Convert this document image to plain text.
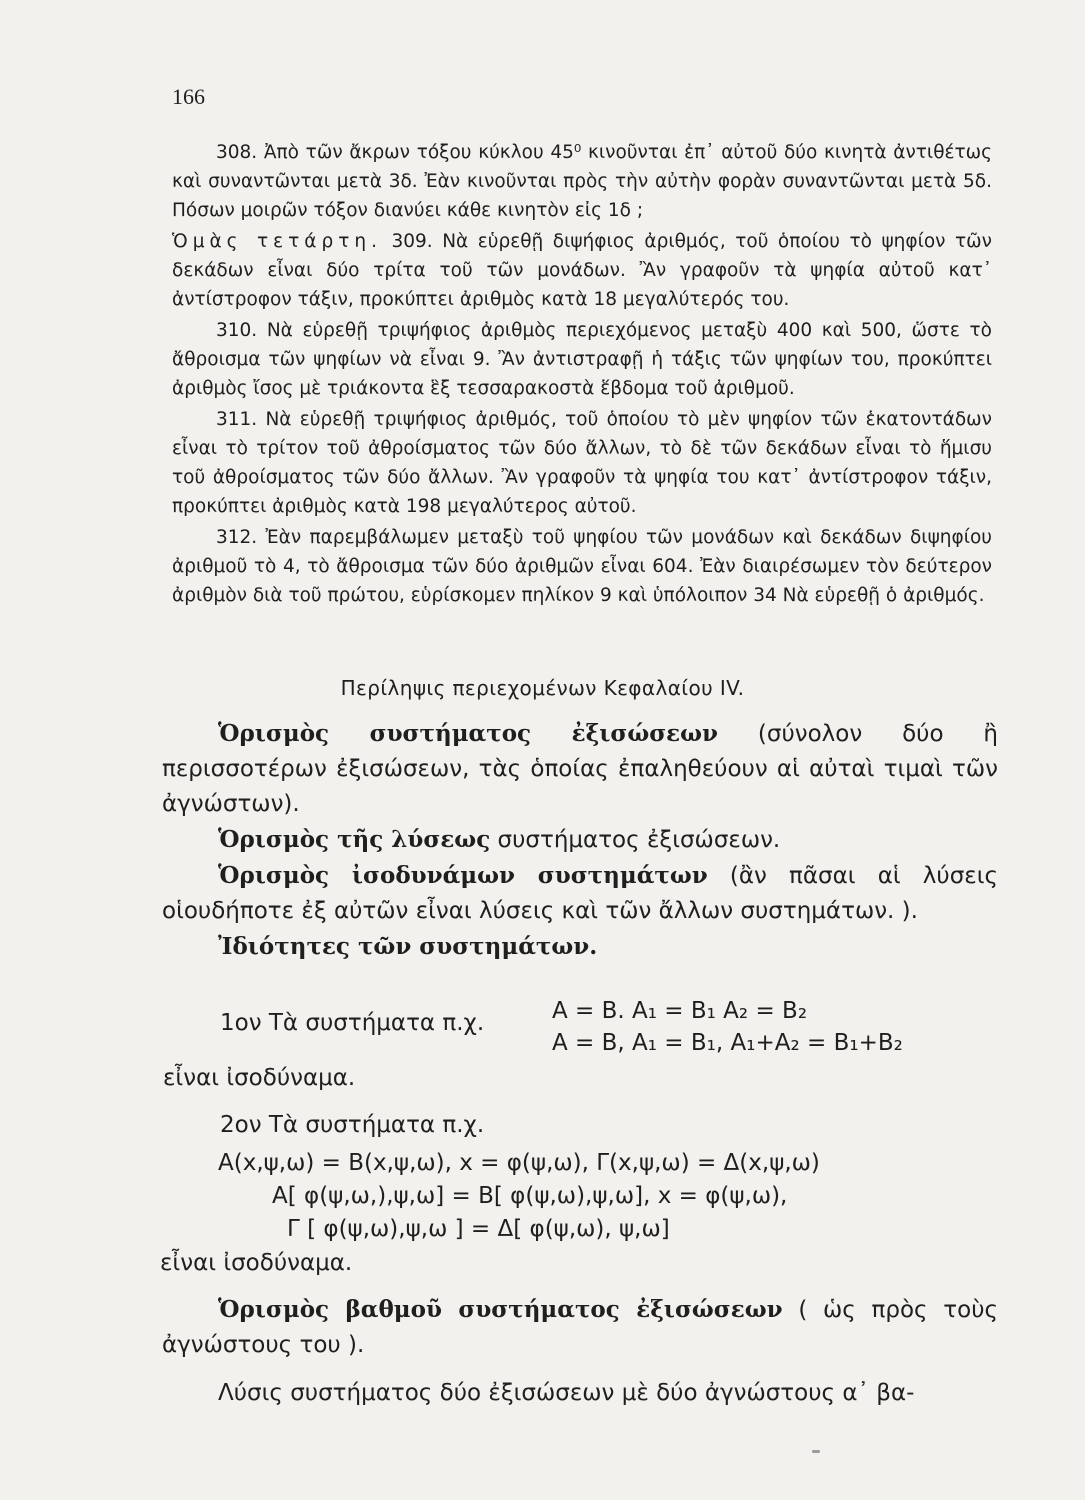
166

308. Ἀπὸ τῶν ἄκρων τόξου κύκλου 45⁰ κινοῦνται ἐπ᾽ αὐτοῦ δύο κινητὰ ἀντιθέτως καὶ συναντῶνται μετὰ 3δ. Ἐὰν κινοῦνται πρὸς τὴν αὐτὴν φορὰν συναντῶνται μετὰ 5δ. Πόσων μοιρῶν τόξον διανύει κάθε κινητὸν εἰς 1δ ;

Ὁμὰς τετάρτη. 309. Νὰ εὑρεθῇ διψήφιος ἀριθμός, τοῦ ὁποίου τὸ ψηφίον τῶν δεκάδων εἶναι δύο τρίτα τοῦ τῶν μονάδων. Ἂν γραφοῦν τὰ ψηφία αὐτοῦ κατ᾽ ἀντίστροφον τάξιν, προκύπτει ἀριθμὸς κατὰ 18 μεγαλύτερός του.

310. Νὰ εὑρεθῇ τριψήφιος ἀριθμὸς περιεχόμενος μεταξὺ 400 καὶ 500, ὥστε τὸ ἄθροισμα τῶν ψηφίων νὰ εἶναι 9. Ἂν ἀντιστραφῇ ἡ τάξις τῶν ψηφίων του, προκύπτει ἀριθμὸς ἴσος μὲ τριάκοντα ἓξ τεσσαρακοστὰ ἕβδομα τοῦ ἀριθμοῦ.

311. Νὰ εὑρεθῇ τριψήφιος ἀριθμός, τοῦ ὁποίου τὸ μὲν ψηφίον τῶν ἑκατοντάδων εἶναι τὸ τρίτον τοῦ ἀθροίσματος τῶν δύο ἄλλων, τὸ δὲ τῶν δεκάδων εἶναι τὸ ἥμισυ τοῦ ἀθροίσματος τῶν δύο ἄλλων. Ἂν γραφοῦν τὰ ψηφία του κατ᾽ ἀντίστροφον τάξιν, προκύπτει ἀριθμὸς κατὰ 198 μεγαλύτερος αὐτοῦ.

312. Ἐὰν παρεμβάλωμεν μεταξὺ τοῦ ψηφίου τῶν μονάδων καὶ δεκάδων διψηφίου ἀριθμοῦ τὸ 4, τὸ ἄθροισμα τῶν δύο ἀριθμῶν εἶναι 604. Ἐὰν διαιρέσωμεν τὸν δεύτερον ἀριθμὸν διὰ τοῦ πρώτου, εὑρίσκομεν πηλίκον 9 καὶ ὑπόλοιπον 34 Νὰ εὑρεθῇ ὁ ἀριθμός.

Περίληψις περιεχομένων Κεφαλαίου IV.

Ὁρισμὸς συστήματος ἐξισώσεων (σύνολον δύο ἢ περισσοτέρων ἐξισώσεων, τὰς ὁποίας ἐπαληθεύουν αἱ αὐταὶ τιμαὶ τῶν ἀγνώστων).

Ὁρισμὸς τῆς λύσεως συστήματος ἐξισώσεων.

Ὁρισμὸς ἰσοδυνάμων συστημάτων (ἂν πᾶσαι αἱ λύσεις οἱουδήποτε ἐξ αὐτῶν εἶναι λύσεις καὶ τῶν ἄλλων συστημάτων. ).

Ἰδιότητες τῶν συστημάτων.

1ον Τὰ συστήματα π.χ.	A = B. A₁ = B₁ A₂ = B₂
A = B, A₁ = B₁, A₁+A₂ = B₁+B₂
εἶναι ἰσοδύναμα.
2ον Τὰ συστήματα π.χ.
A(x,ψ,ω) = B(x,ψ,ω), x = φ(ψ,ω), Γ(x,ψ,ω) = Δ(x,ψ,ω)
A[ φ(ψ,ω,),ψ,ω] = B[ φ(ψ,ω),ψ,ω], x = φ(ψ,ω),
Γ [ φ(ψ,ω),ψ,ω ] = Δ[ φ(ψ,ω), ψ,ω]
εἶναι ἰσοδύναμα.
Ὁρισμὸς βαθμοῦ συστήματος ἐξισώσεων ( ὡς πρὸς τοὺς ἀγνώστους του ).
Λύσις συστήματος δύο ἐξισώσεων μὲ δύο ἀγνώστους α᾽ βα-
